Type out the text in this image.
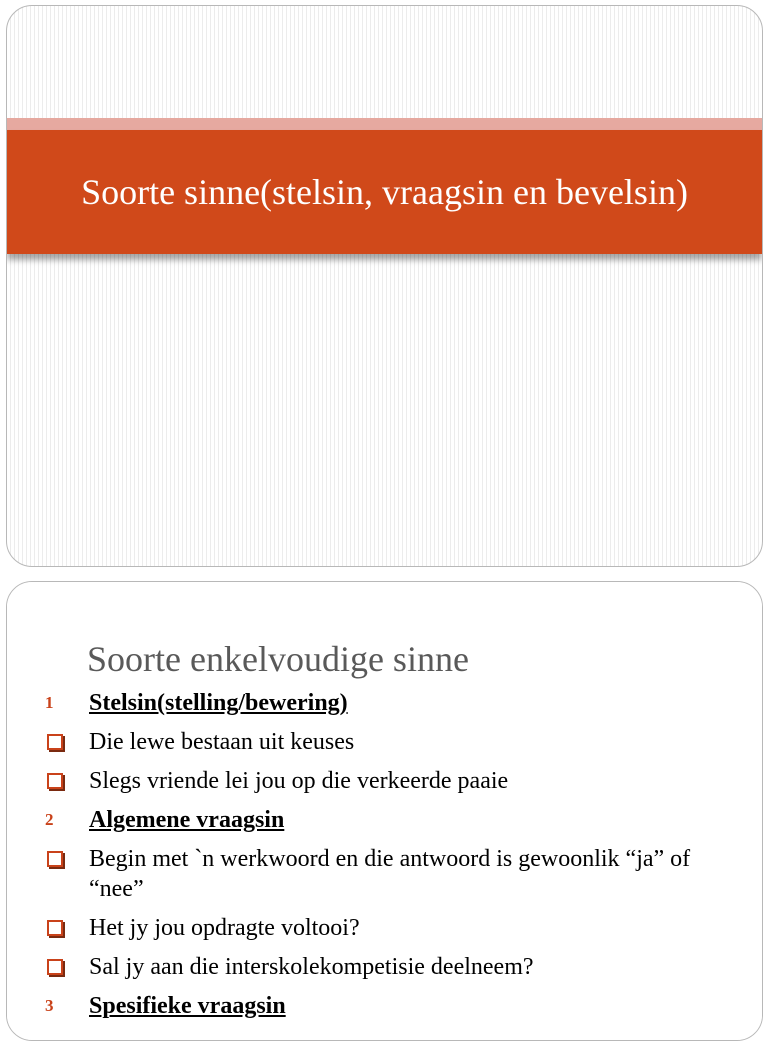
Soorte sinne(stelsin, vraagsin en bevelsin)
Soorte enkelvoudige sinne
1	Stelsin(stelling/bewering)
Die lewe bestaan uit keuses
Slegs vriende lei jou op die verkeerde paaie
2	Algemene vraagsin
Begin met `n werkwoord en die antwoord is gewoonlik “ja” of “nee”
Het jy jou opdragte voltooi?
Sal jy aan die interskolekompetisie deelneem?
3	Spesifieke vraagsin
